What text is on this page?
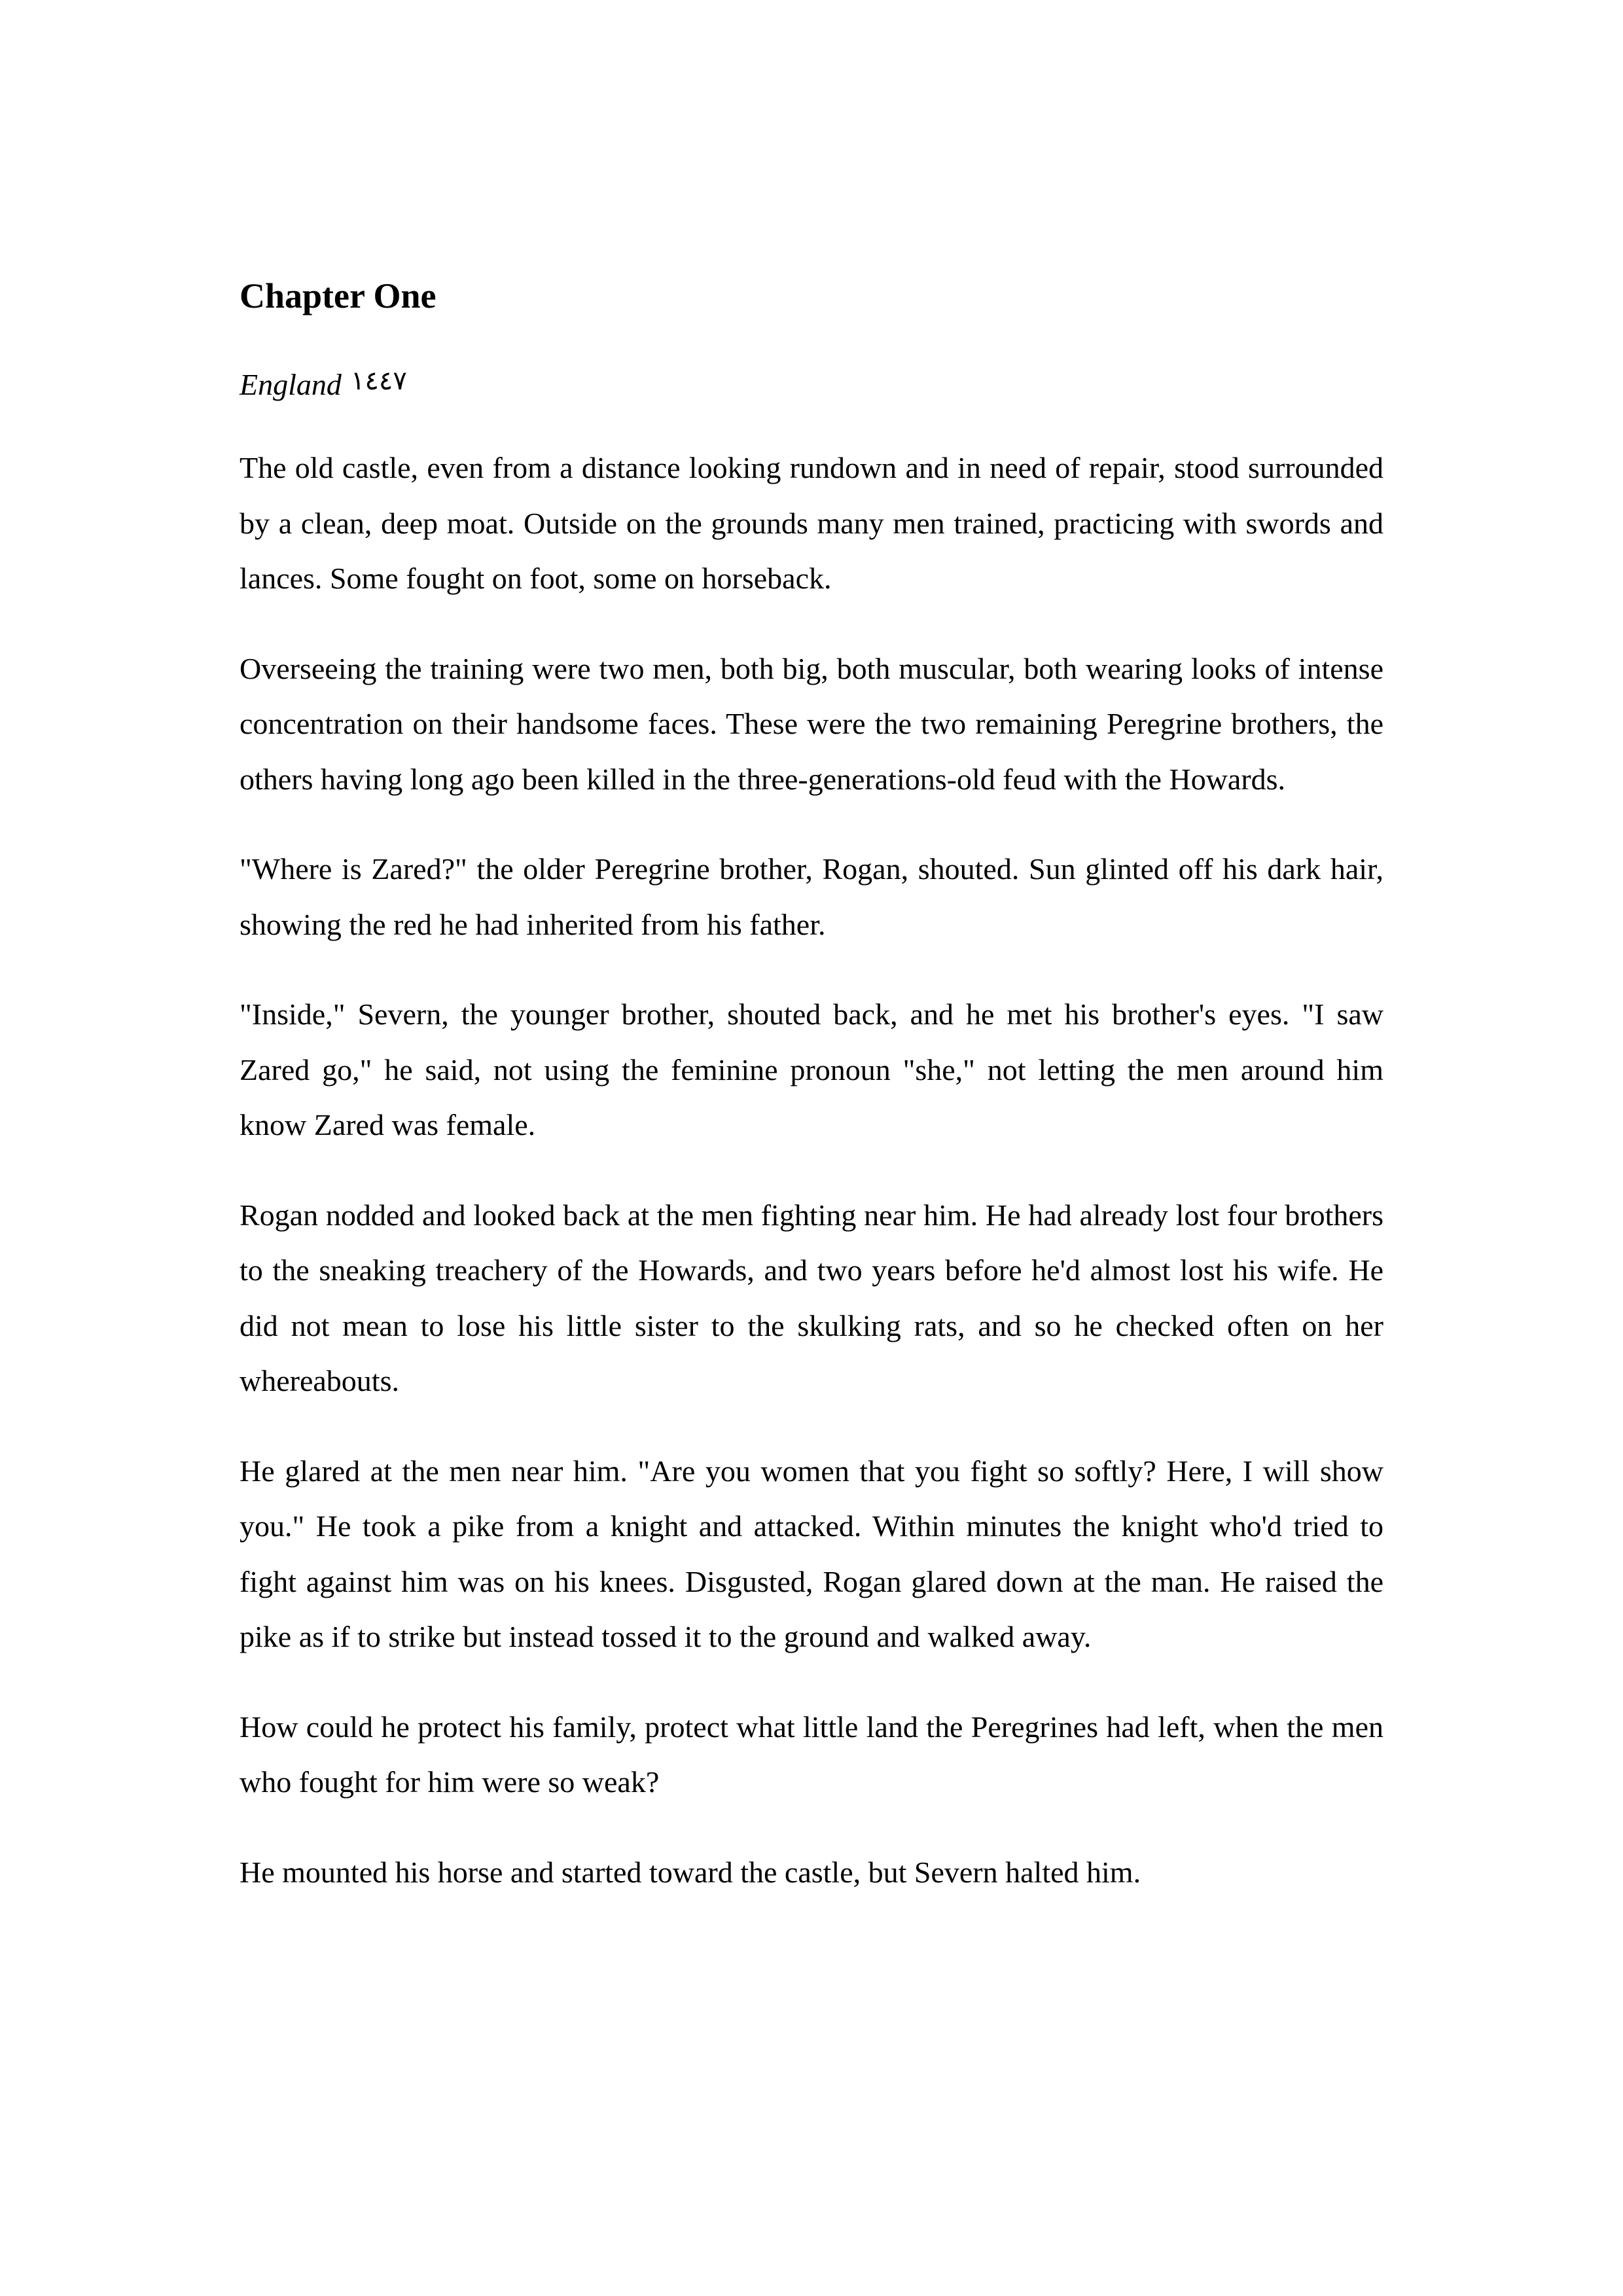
Chapter One
England ١٤٤٧

The old castle, even from a distance looking rundown and in need of repair, stood surrounded by a clean, deep moat. Outside on the grounds many men trained, practicing with swords and lances. Some fought on foot, some on horseback.

Overseeing the training were two men, both big, both muscular, both wearing looks of intense concentration on their handsome faces. These were the two remaining Peregrine brothers, the others having long ago been killed in the three-generations-old feud with the Howards.

"Where is Zared?" the older Peregrine brother, Rogan, shouted. Sun glinted off his dark hair, showing the red he had inherited from his father.

"Inside," Severn, the younger brother, shouted back, and he met his brother's eyes. "I saw Zared go," he said, not using the feminine pronoun "she," not letting the men around him know Zared was female.

Rogan nodded and looked back at the men fighting near him. He had already lost four brothers to the sneaking treachery of the Howards, and two years before he'd almost lost his wife. He did not mean to lose his little sister to the skulking rats, and so he checked often on her whereabouts.

He glared at the men near him. "Are you women that you fight so softly? Here, I will show you." He took a pike from a knight and attacked. Within minutes the knight who'd tried to fight against him was on his knees. Disgusted, Rogan glared down at the man. He raised the pike as if to strike but instead tossed it to the ground and walked away.

How could he protect his family, protect what little land the Peregrines had left, when the men who fought for him were so weak?

He mounted his horse and started toward the castle, but Severn halted him.
